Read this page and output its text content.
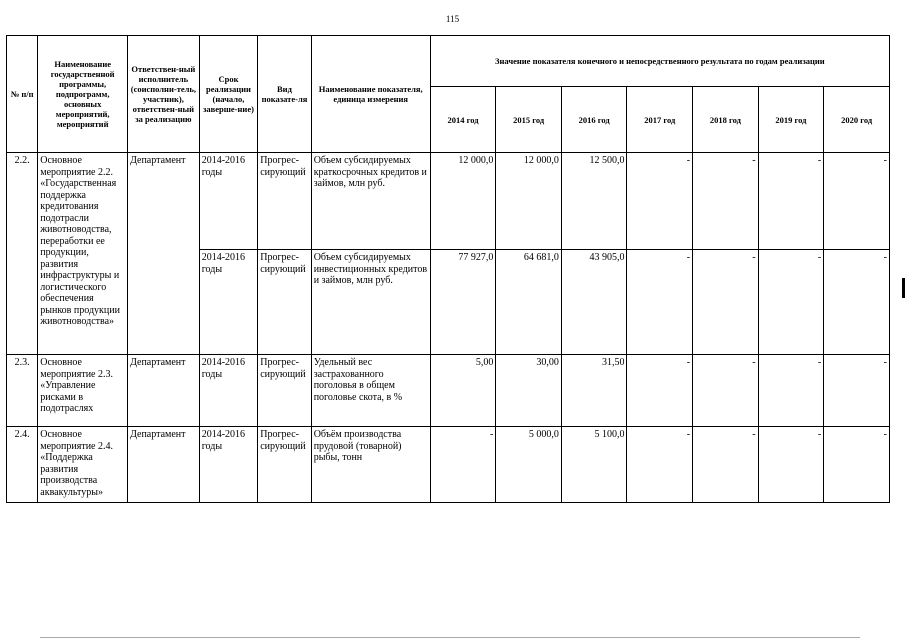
115
№ п/п	Наименование государственной программы, подпрограмм, основных мероприятий, мероприятий	Ответствен-ный исполнитель (соисполни-тель, участник), ответствен-ный за реализацию	Срок реализации (начало, заверше-ние)	Вид показате-ля	Наименование показателя, единица измерения	Значение показателя конечного и непосредственного результата по годам реализации						
						2014 год	2015 год	2016 год	2017 год	2018 год	2019 год	2020 год
2.2.	Основное мероприятие 2.2. «Государственная поддержка кредитования подотрасли животноводства, переработки ее продукции, развития инфраструктуры и логистического обеспечения рынков продукции животноводства»	Департамент	2014-2016 годы	Прогрес-сирующий	Объем субсидируемых краткосрочных кредитов и займов, млн руб.	12 000,0	12 000,0	12 500,0	-	-	-	-
			2014-2016 годы	Прогрес-сирующий	Объем субсидируемых инвестиционных кредитов и займов, млн руб.	77 927,0	64 681,0	43 905,0	-	-	-	-
2.3.	Основное мероприятие 2.3. «Управление рисками в подотраслях	Департамент	2014-2016 годы	Прогрес-сирующий	Удельный вес застрахованного поголовья в общем поголовье скота, в %	5,00	30,00	31,50	-	-	-	-
2.4.	Основное мероприятие 2.4. «Поддержка развития производства аквакультуры»	Департамент	2014-2016 годы	Прогрес-сирующий	Объём производства прудовой (товарной) рыбы, тонн	-	5 000,0	5 100,0	-	-	-	-
